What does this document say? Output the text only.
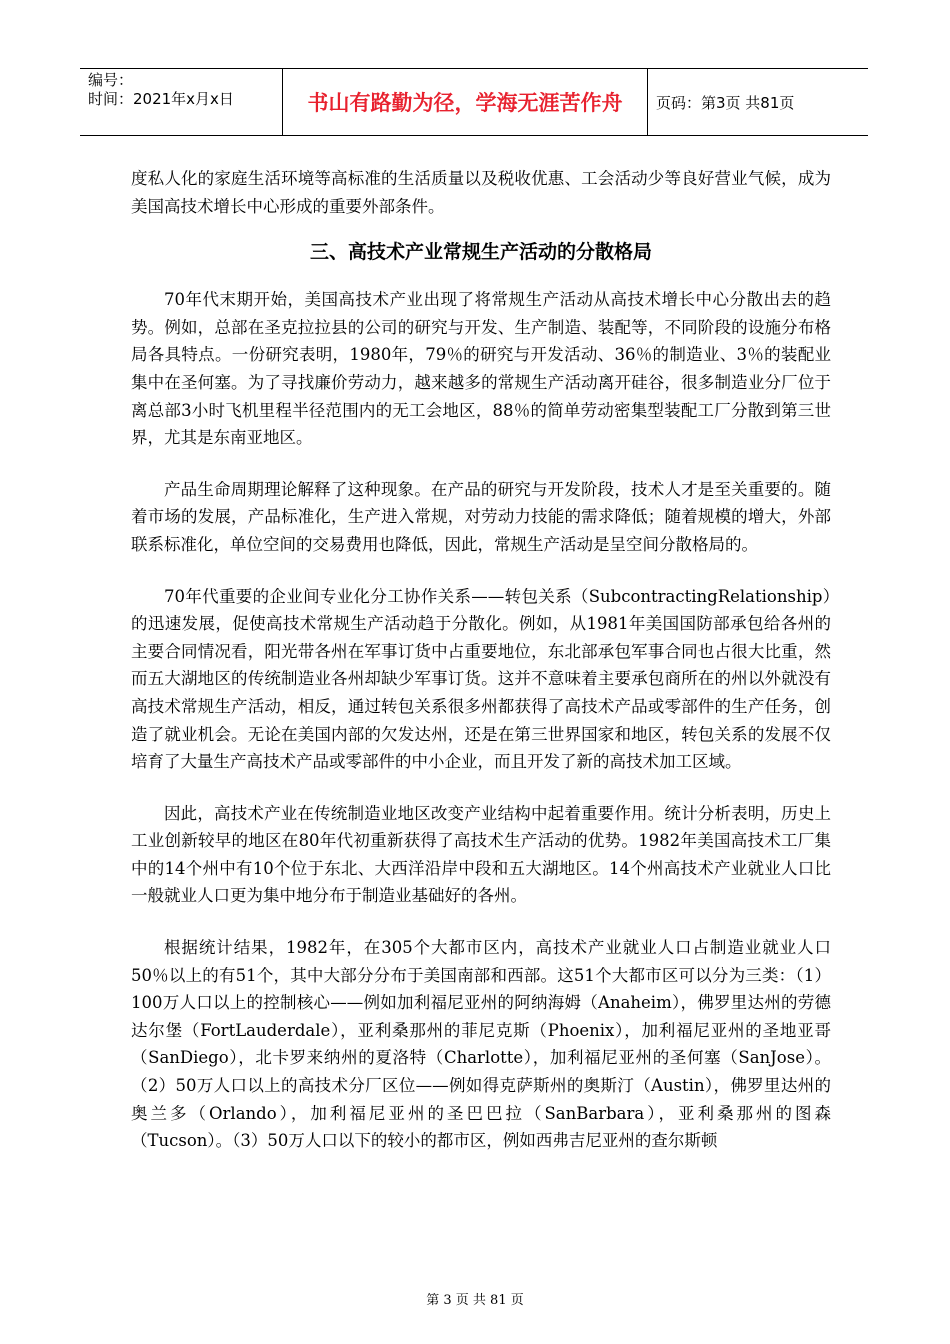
编号：
时间：2021年x月x日	书山有路勤为径，学海无涯苦作舟	页码：第3页 共81页

度私人化的家庭生活环境等高标准的生活质量以及税收优惠、工会活动少等良好营业气候，成为美国高技术增长中心形成的重要外部条件。

三、高技术产业常规生产活动的分散格局

70年代末期开始，美国高技术产业出现了将常规生产活动从高技术增长中心分散出去的趋势。例如，总部在圣克拉拉县的公司的研究与开发、生产制造、装配等，不同阶段的设施分布格局各具特点。一份研究表明，1980年，79％的研究与开发活动、36％的制造业、3％的装配业集中在圣何塞。为了寻找廉价劳动力，越来越多的常规生产活动离开硅谷，很多制造业分厂位于离总部3小时飞机里程半径范围内的无工会地区，88％的简单劳动密集型装配工厂分散到第三世界，尤其是东南亚地区。

产品生命周期理论解释了这种现象。在产品的研究与开发阶段，技术人才是至关重要的。随着市场的发展，产品标准化，生产进入常规，对劳动力技能的需求降低；随着规模的增大，外部联系标准化，单位空间的交易费用也降低，因此，常规生产活动是呈空间分散格局的。

70年代重要的企业间专业化分工协作关系——转包关系（SubcontractingRelationship）的迅速发展，促使高技术常规生产活动趋于分散化。例如，从1981年美国国防部承包给各州的主要合同情况看，阳光带各州在军事订货中占重要地位，东北部承包军事合同也占很大比重，然而五大湖地区的传统制造业各州却缺少军事订货。这并不意味着主要承包商所在的州以外就没有高技术常规生产活动，相反，通过转包关系很多州都获得了高技术产品或零部件的生产任务，创造了就业机会。无论在美国内部的欠发达州，还是在第三世界国家和地区，转包关系的发展不仅培育了大量生产高技术产品或零部件的中小企业，而且开发了新的高技术加工区域。

因此，高技术产业在传统制造业地区改变产业结构中起着重要作用。统计分析表明，历史上工业创新较早的地区在80年代初重新获得了高技术生产活动的优势。1982年美国高技术工厂集中的14个州中有10个位于东北、大西洋沿岸中段和五大湖地区。14个州高技术产业就业人口比一般就业人口更为集中地分布于制造业基础好的各州。

根据统计结果，1982年，在305个大都市区内，高技术产业就业人口占制造业就业人口50％以上的有51个，其中大部分分布于美国南部和西部。这51个大都市区可以分为三类：（1）100万人口以上的控制核心——例如加利福尼亚州的阿纳海姆（Anaheim），佛罗里达州的劳德达尔堡（FortLauderdale），亚利桑那州的菲尼克斯（Phoenix），加利福尼亚州的圣地亚哥（SanDiego），北卡罗来纳州的夏洛特（Charlotte），加利福尼亚州的圣何塞（SanJose）。（2）50万人口以上的高技术分厂区位——例如得克萨斯州的奥斯汀（Austin），佛罗里达州的奥兰多（Orlando），加利福尼亚州的圣巴巴拉（SanBarbara），亚利桑那州的图森（Tucson）。（3）50万人口以下的较小的都市区，例如西弗吉尼亚州的查尔斯顿

第 3 页 共 81 页
